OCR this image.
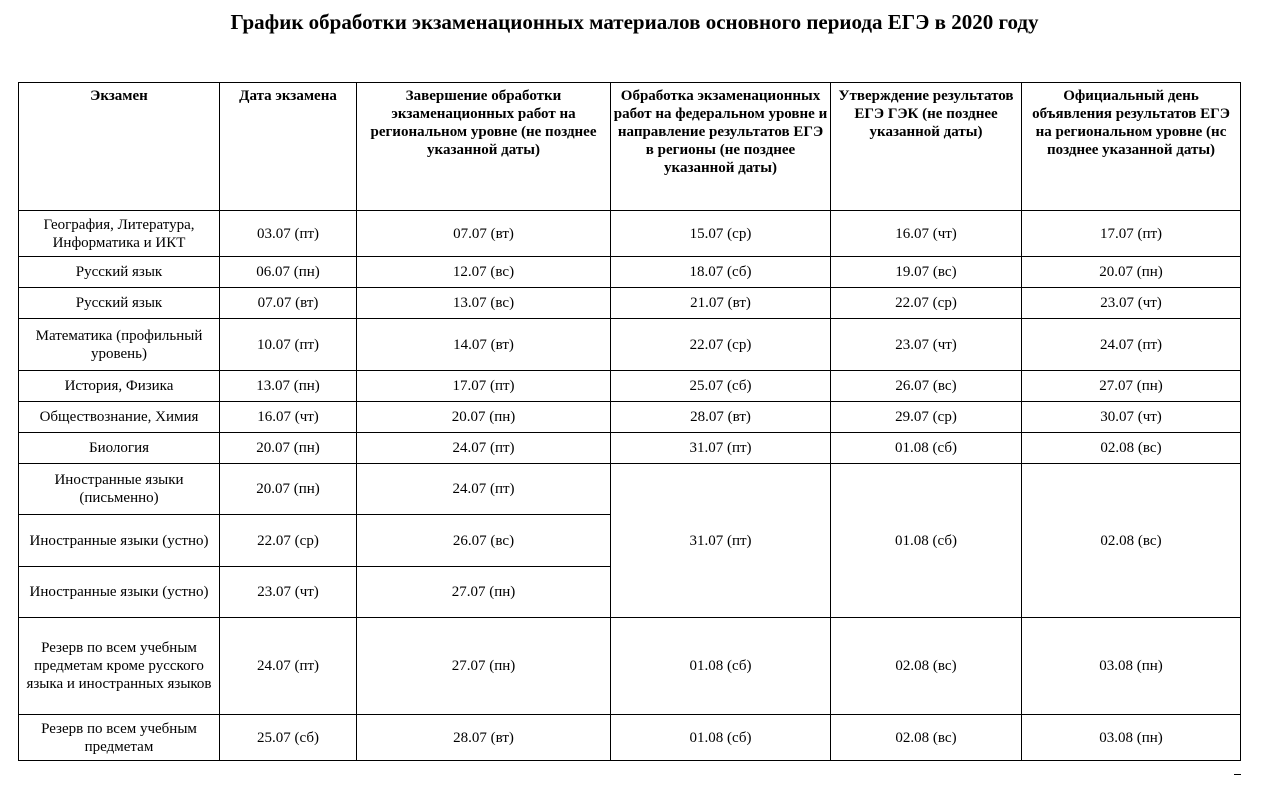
График обработки экзаменационных материалов основного периода ЕГЭ в 2020 году
Экзамен	Дата экзамена	Завершение обработки экзаменационных работ на региональном уровне (не позднее указанной даты)	Обработка экзаменационных работ на федеральном уровне и направление результатов ЕГЭ в регионы (не позднее указанной даты)	Утверждение результатов ЕГЭ ГЭК (не позднее указанной даты)	Официальный день объявления результатов ЕГЭ на региональном уровне (нс позднее указанной даты)
География, Литература, Информатика и ИКТ	03.07 (пт)	07.07 (вт)	15.07 (ср)	16.07 (чт)	17.07 (пт)
Русский язык	06.07 (пн)	12.07 (вс)	18.07 (сб)	19.07 (вс)	20.07 (пн)
Русский язык	07.07 (вт)	13.07 (вс)	21.07 (вт)	22.07 (ср)	23.07 (чт)
Математика (профильный уровень)	10.07 (пт)	14.07 (вт)	22.07 (ср)	23.07 (чт)	24.07 (пт)
История, Физика	13.07 (пн)	17.07 (пт)	25.07 (сб)	26.07 (вс)	27.07 (пн)
Обществознание, Химия	16.07 (чт)	20.07 (пн)	28.07 (вт)	29.07 (ср)	30.07 (чт)
Биология	20.07 (пн)	24.07 (пт)	31.07 (пт)	01.08 (сб)	02.08 (вс)
Иностранные языки (письменно)	20.07 (пн)	24.07 (пт)	31.07 (пт)	01.08 (сб)	02.08 (вс)
Иностранные языки (устно)	22.07 (ср)	26.07 (вс)			
Иностранные языки (устно)	23.07 (чт)	27.07 (пн)			
Резерв по всем учебным предметам кроме русского языка и иностранных языков	24.07 (пт)	27.07 (пн)	01.08 (сб)	02.08 (вс)	03.08 (пн)
Резерв по всем учебным предметам	25.07 (сб)	28.07 (вт)	01.08 (сб)	02.08 (вс)	03.08 (пн)
